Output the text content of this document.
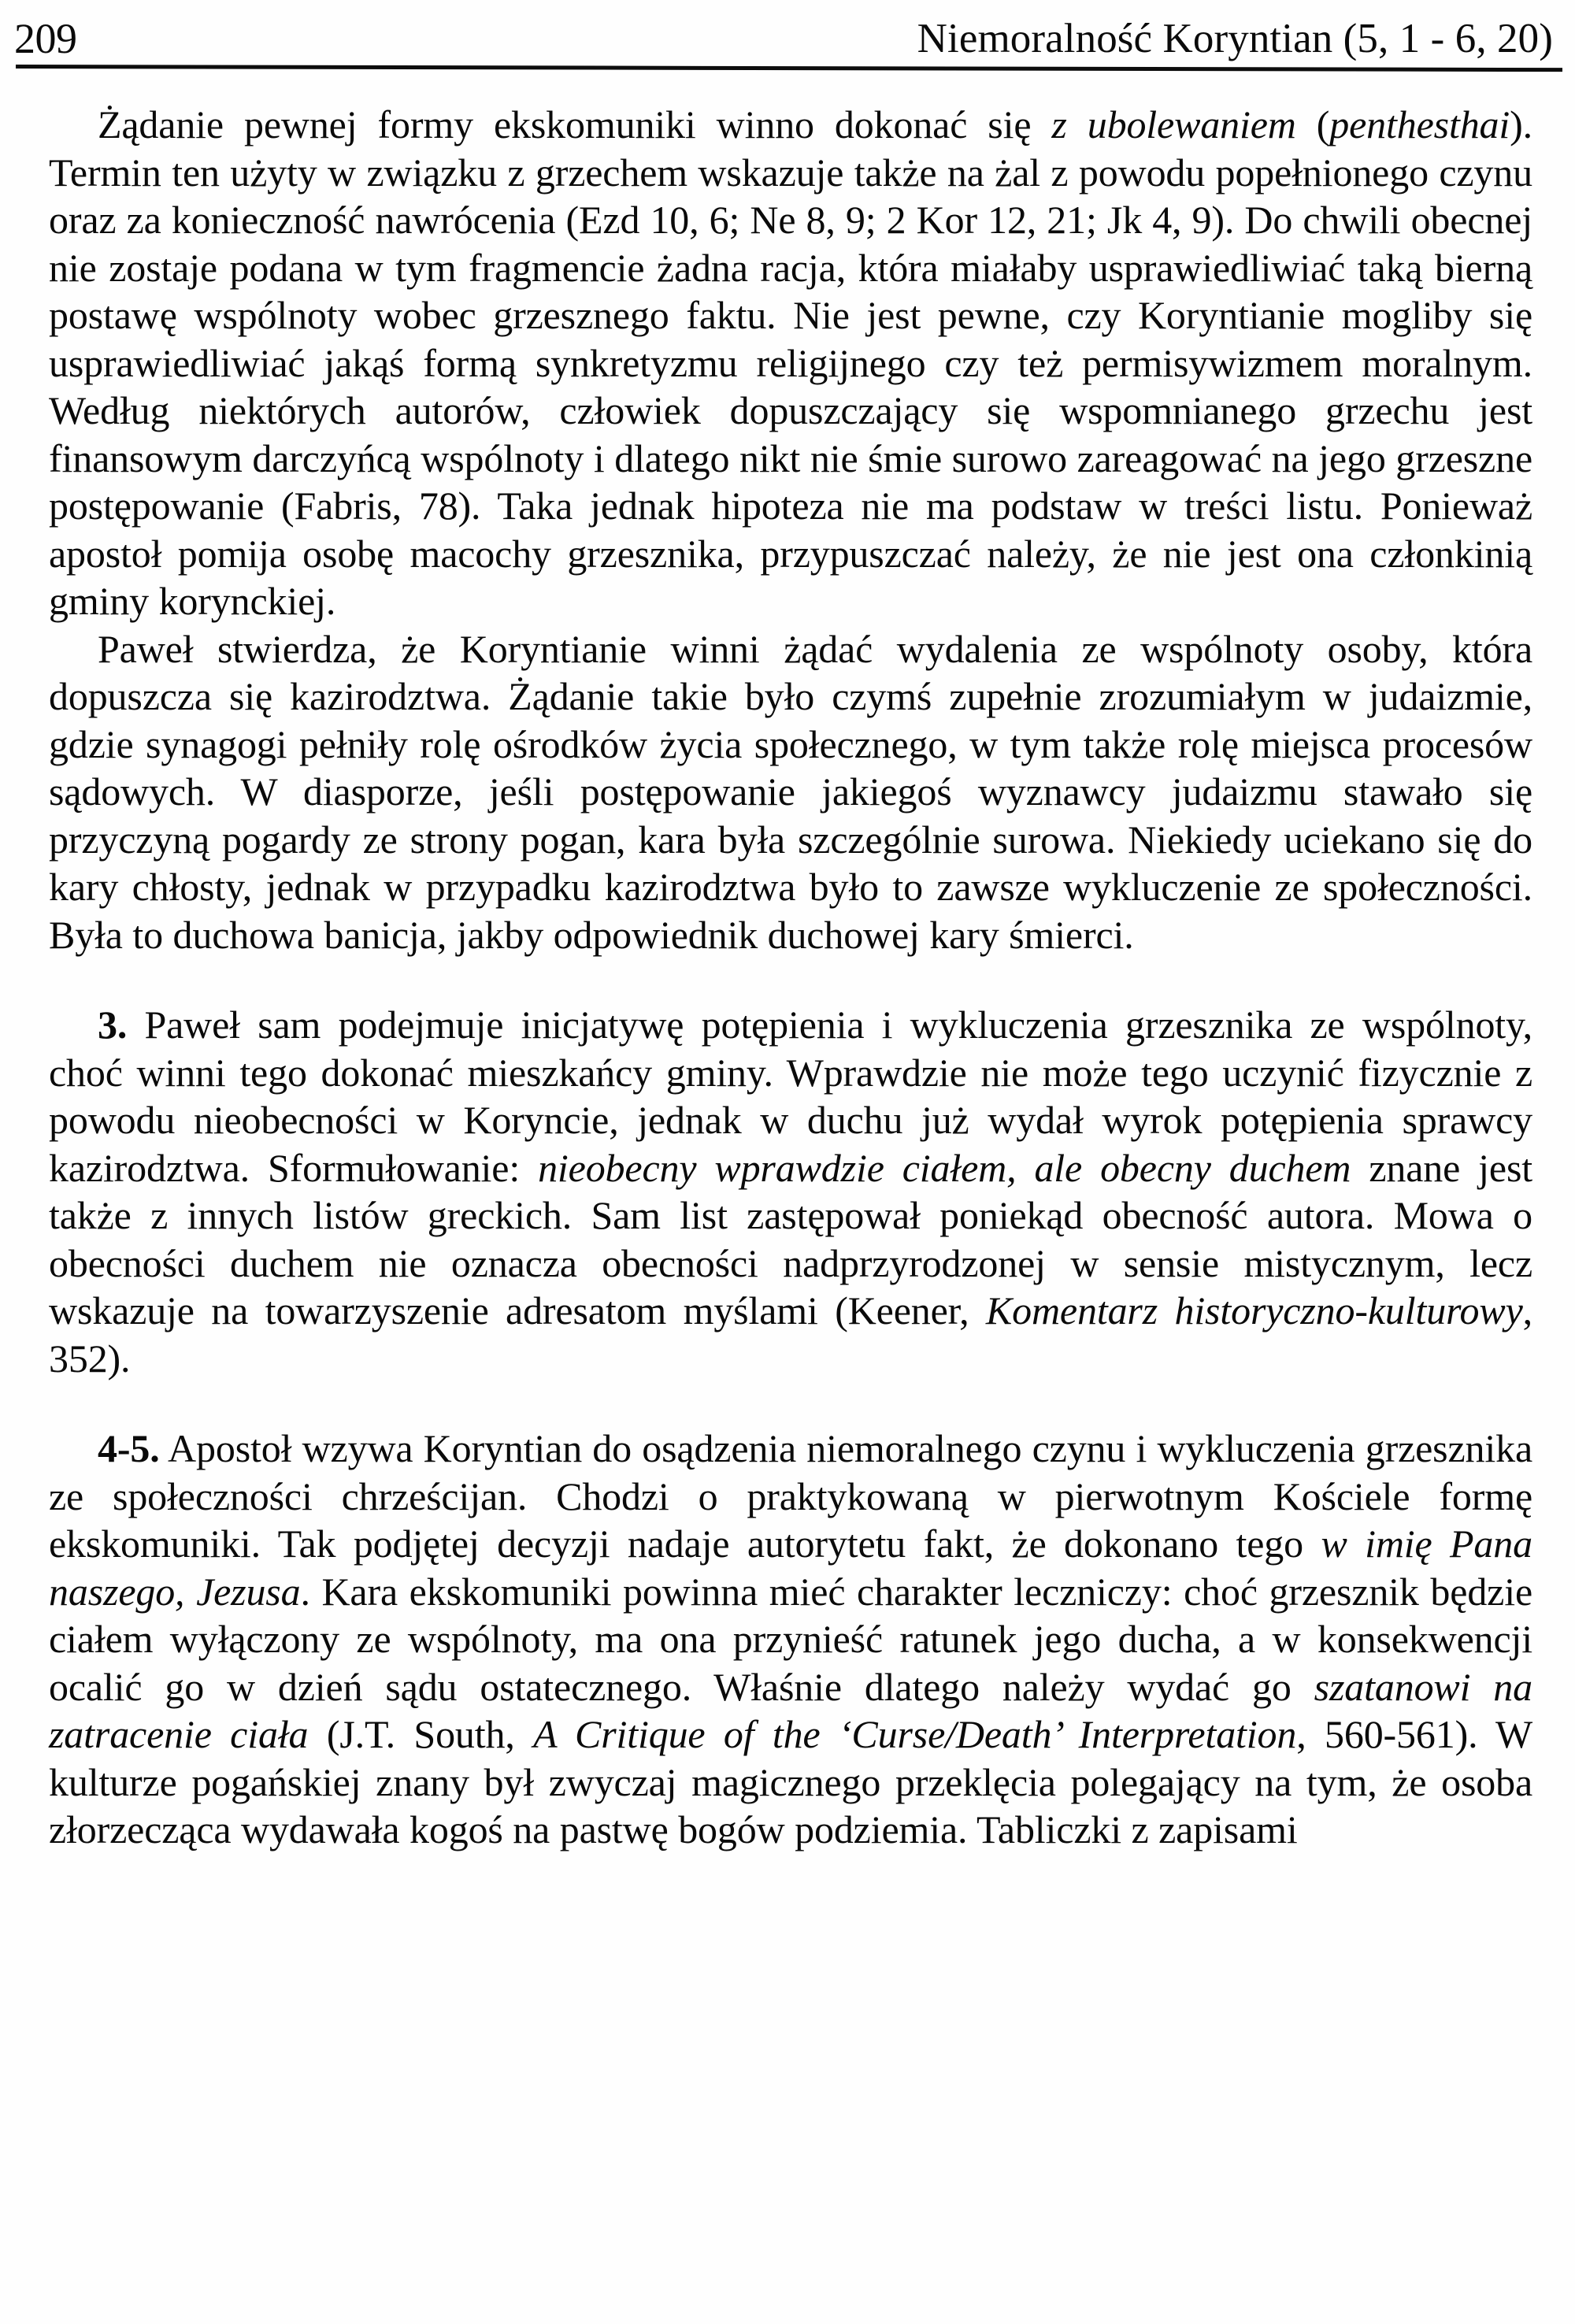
209	Niemoralność Koryntian (5, 1 - 6, 20)

Żądanie pewnej formy ekskomuniki winno dokonać się z ubolewaniem (penthesthai). Termin ten użyty w związku z grzechem wskazuje także na żal z powodu popełnionego czynu oraz za konieczność nawrócenia (Ezd 10, 6; Ne 8, 9; 2 Kor 12, 21; Jk 4, 9). Do chwili obecnej nie zostaje podana w tym fragmencie żadna racja, która miałaby usprawiedliwiać taką bierną postawę wspólnoty wobec grzesznego faktu. Nie jest pewne, czy Koryntianie mogliby się usprawiedliwiać jakąś formą synkretyzmu religijnego czy też permisywizmem moralnym. Według niektórych autorów, człowiek dopuszczający się wspomnianego grzechu jest finansowym darczyńcą wspólnoty i dlatego nikt nie śmie surowo zareagować na jego grzeszne postępowanie (Fabris, 78). Taka jednak hipoteza nie ma podstaw w treści listu. Ponieważ apostoł pomija osobę macochy grzesznika, przypuszczać należy, że nie jest ona członkinią gminy korynckiej.

Paweł stwierdza, że Koryntianie winni żądać wydalenia ze wspólnoty osoby, która dopuszcza się kazirodztwa. Żądanie takie było czymś zupełnie zrozumiałym w judaizmie, gdzie synagogi pełniły rolę ośrodków życia społecznego, w tym także rolę miejsca procesów sądowych. W diasporze, jeśli postępowanie jakiegoś wyznawcy judaizmu stawało się przyczyną pogardy ze strony pogan, kara była szczególnie surowa. Niekiedy uciekano się do kary chłosty, jednak w przypadku kazirodztwa było to zawsze wykluczenie ze społeczności. Była to duchowa banicja, jakby odpowiednik duchowej kary śmierci.

3. Paweł sam podejmuje inicjatywę potępienia i wykluczenia grzesznika ze wspólnoty, choć winni tego dokonać mieszkańcy gminy. Wprawdzie nie może tego uczynić fizycznie z powodu nieobecności w Koryncie, jednak w duchu już wydał wyrok potępienia sprawcy kazirodztwa. Sformułowanie: nieobecny wprawdzie ciałem, ale obecny duchem znane jest także z innych listów greckich. Sam list zastępował poniekąd obecność autora. Mowa o obecności duchem nie oznacza obecności nadprzyrodzonej w sensie mistycznym, lecz wskazuje na towarzyszenie adresatom myślami (Keener, Komentarz historyczno-kulturowy, 352).

4-5. Apostoł wzywa Koryntian do osądzenia niemoralnego czynu i wykluczenia grzesznika ze społeczności chrześcijan. Chodzi o praktykowaną w pierwotnym Kościele formę ekskomuniki. Tak podjętej decyzji nadaje autorytetu fakt, że dokonano tego w imię Pana naszego, Jezusa. Kara ekskomuniki powinna mieć charakter leczniczy: choć grzesznik będzie ciałem wyłączony ze wspólnoty, ma ona przynieść ratunek jego ducha, a w konsekwencji ocalić go w dzień sądu ostatecznego. Właśnie dlatego należy wydać go szatanowi na zatracenie ciała (J.T. South, A Critique of the ‘Curse/Death’ Interpretation, 560-561). W kulturze pogańskiej znany był zwyczaj magicznego przeklęcia polegający na tym, że osoba złorzecząca wydawała kogoś na pastwę bogów podziemia. Tabliczki z zapisami
